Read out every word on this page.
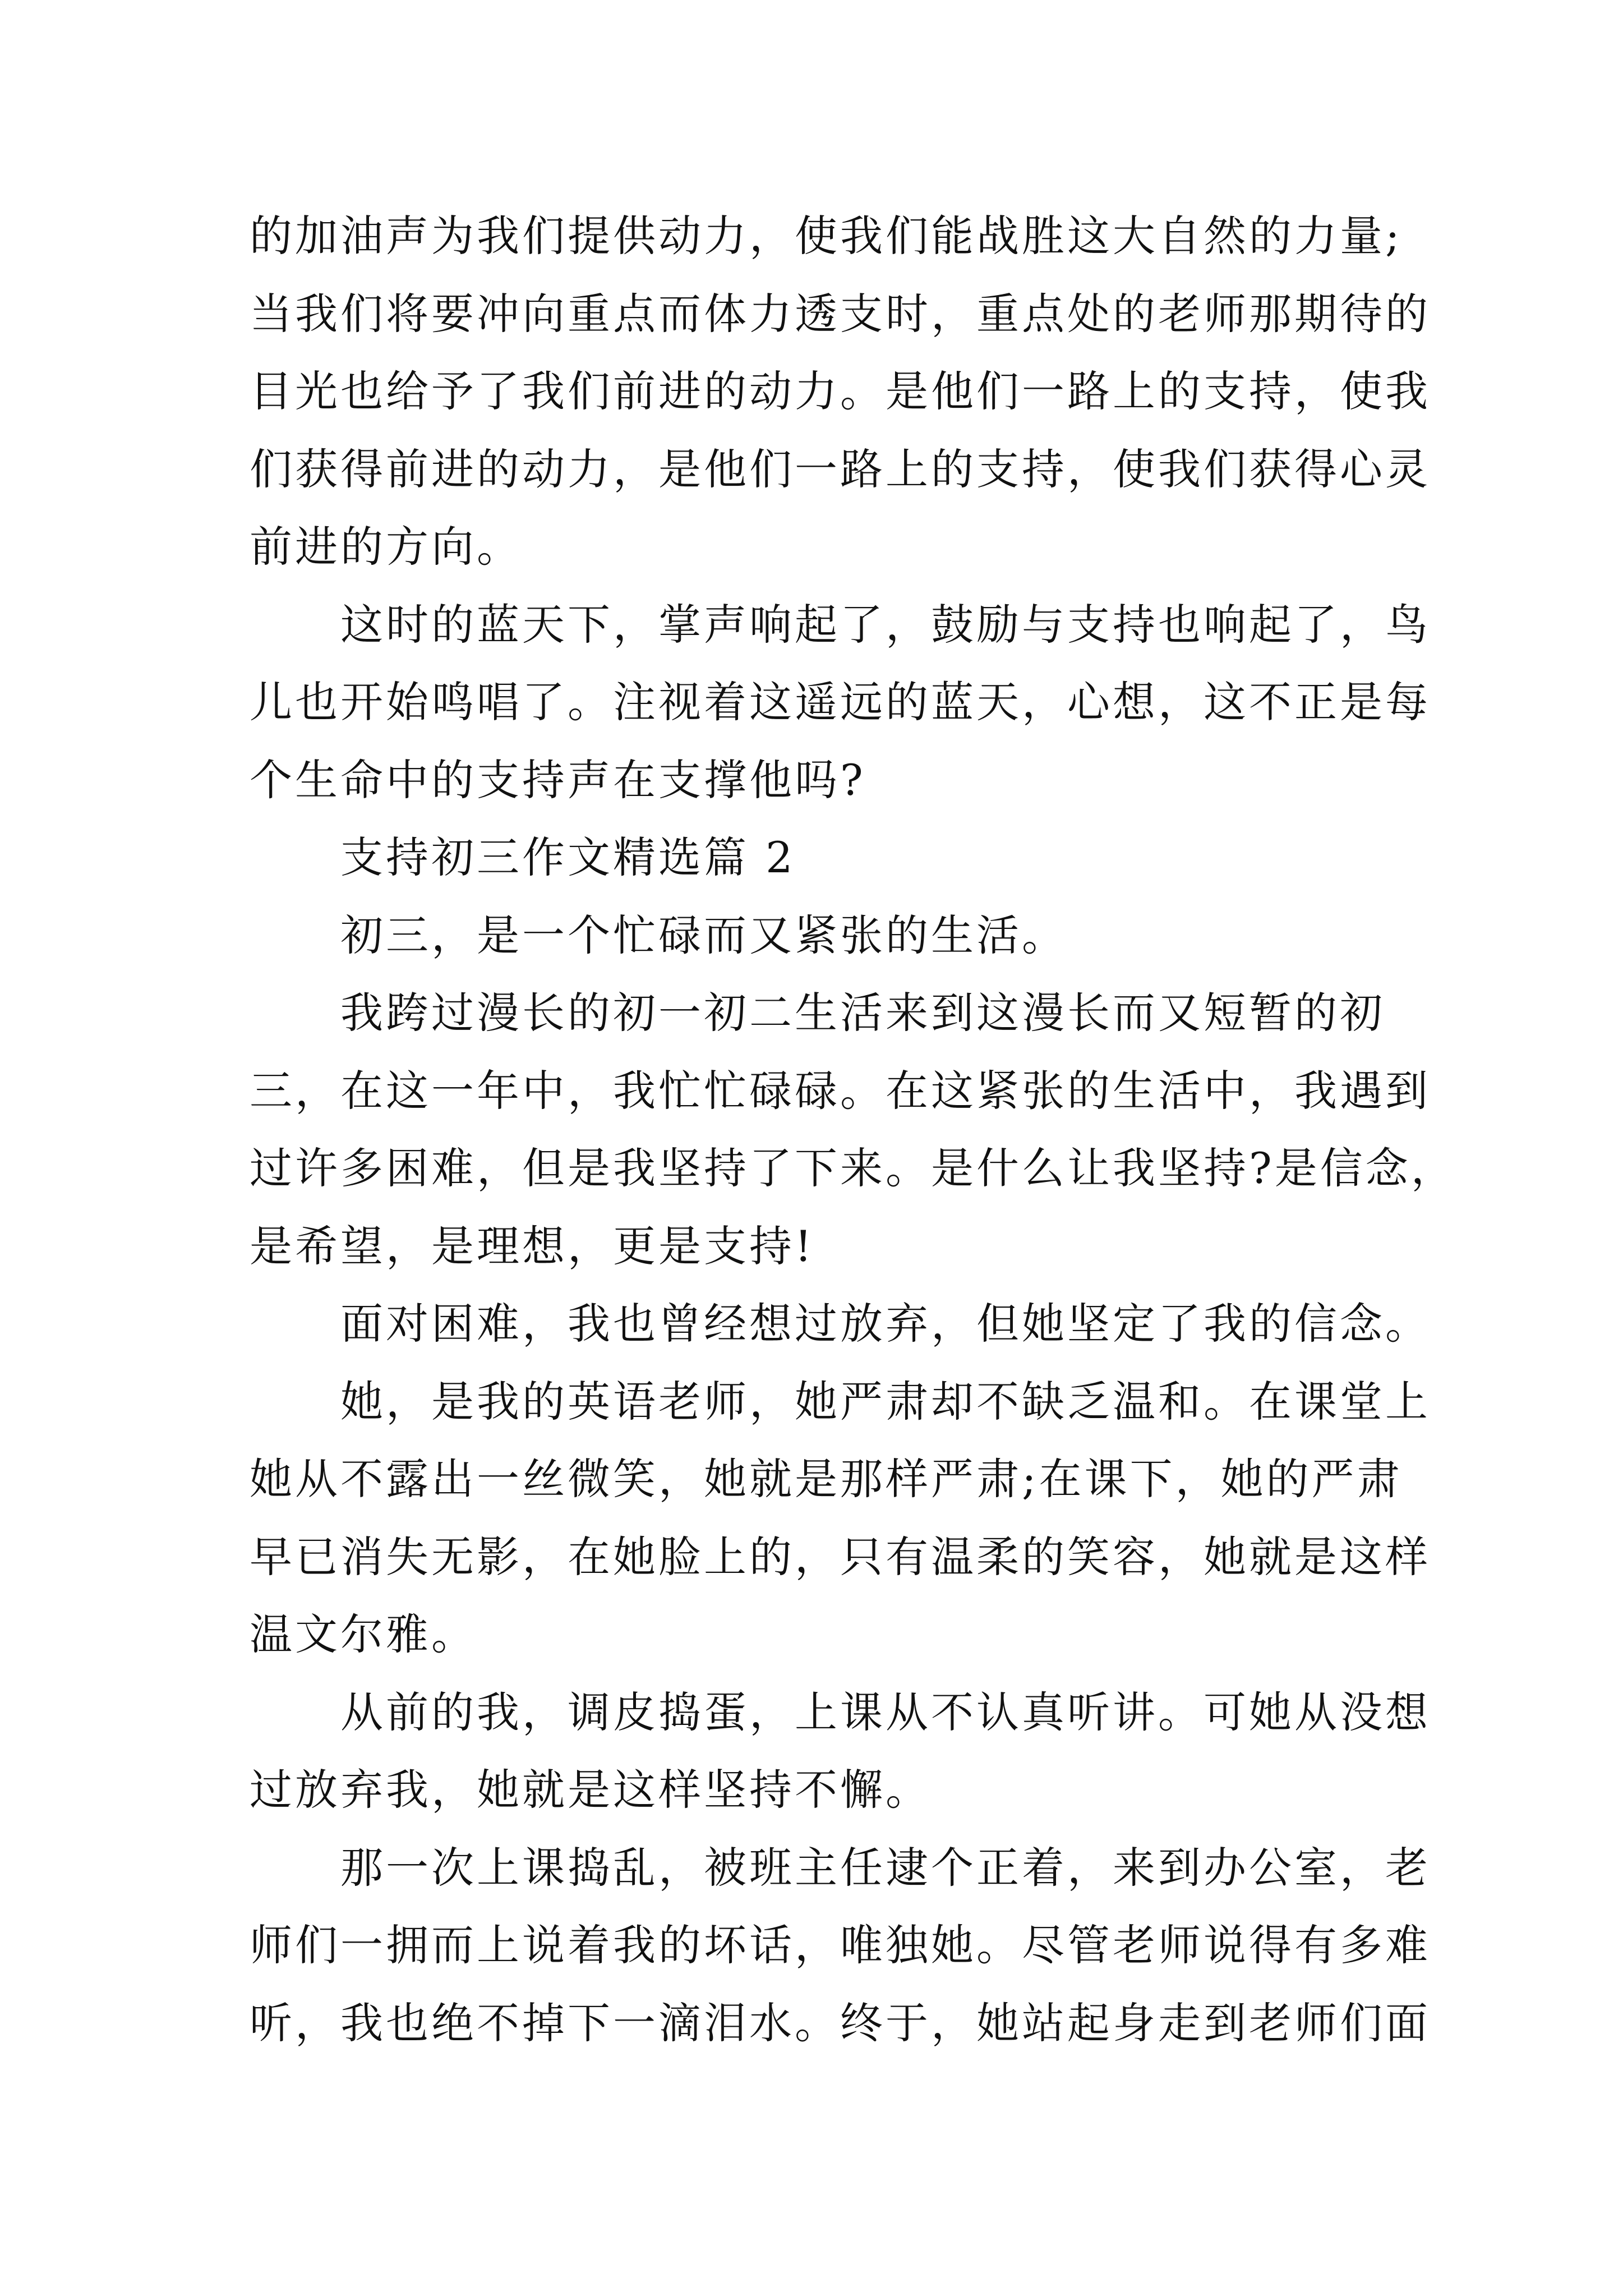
的加油声为我们提供动力，使我们能战胜这大自然的力量;
当我们将要冲向重点而体力透支时，重点处的老师那期待的
目光也给予了我们前进的动力。是他们一路上的支持，使我
们获得前进的动力，是他们一路上的支持，使我们获得心灵
前进的方向。
　　这时的蓝天下，掌声响起了，鼓励与支持也响起了，鸟
儿也开始鸣唱了。注视着这遥远的蓝天，心想，这不正是每
个生命中的支持声在支撑他吗?
　　支持初三作文精选篇 2
　　初三，是一个忙碌而又紧张的生活。
　　我跨过漫长的初一初二生活来到这漫长而又短暂的初
三，在这一年中，我忙忙碌碌。在这紧张的生活中，我遇到
过许多困难，但是我坚持了下来。是什么让我坚持?是信念，
是希望，是理想，更是支持!
　　面对困难，我也曾经想过放弃，但她坚定了我的信念。
　　她，是我的英语老师，她严肃却不缺乏温和。在课堂上
她从不露出一丝微笑，她就是那样严肃;在课下，她的严肃
早已消失无影，在她脸上的，只有温柔的笑容，她就是这样
温文尔雅。
　　从前的我，调皮捣蛋，上课从不认真听讲。可她从没想
过放弃我，她就是这样坚持不懈。
　　那一次上课捣乱，被班主任逮个正着，来到办公室，老
师们一拥而上说着我的坏话，唯独她。尽管老师说得有多难
听，我也绝不掉下一滴泪水。终于，她站起身走到老师们面
